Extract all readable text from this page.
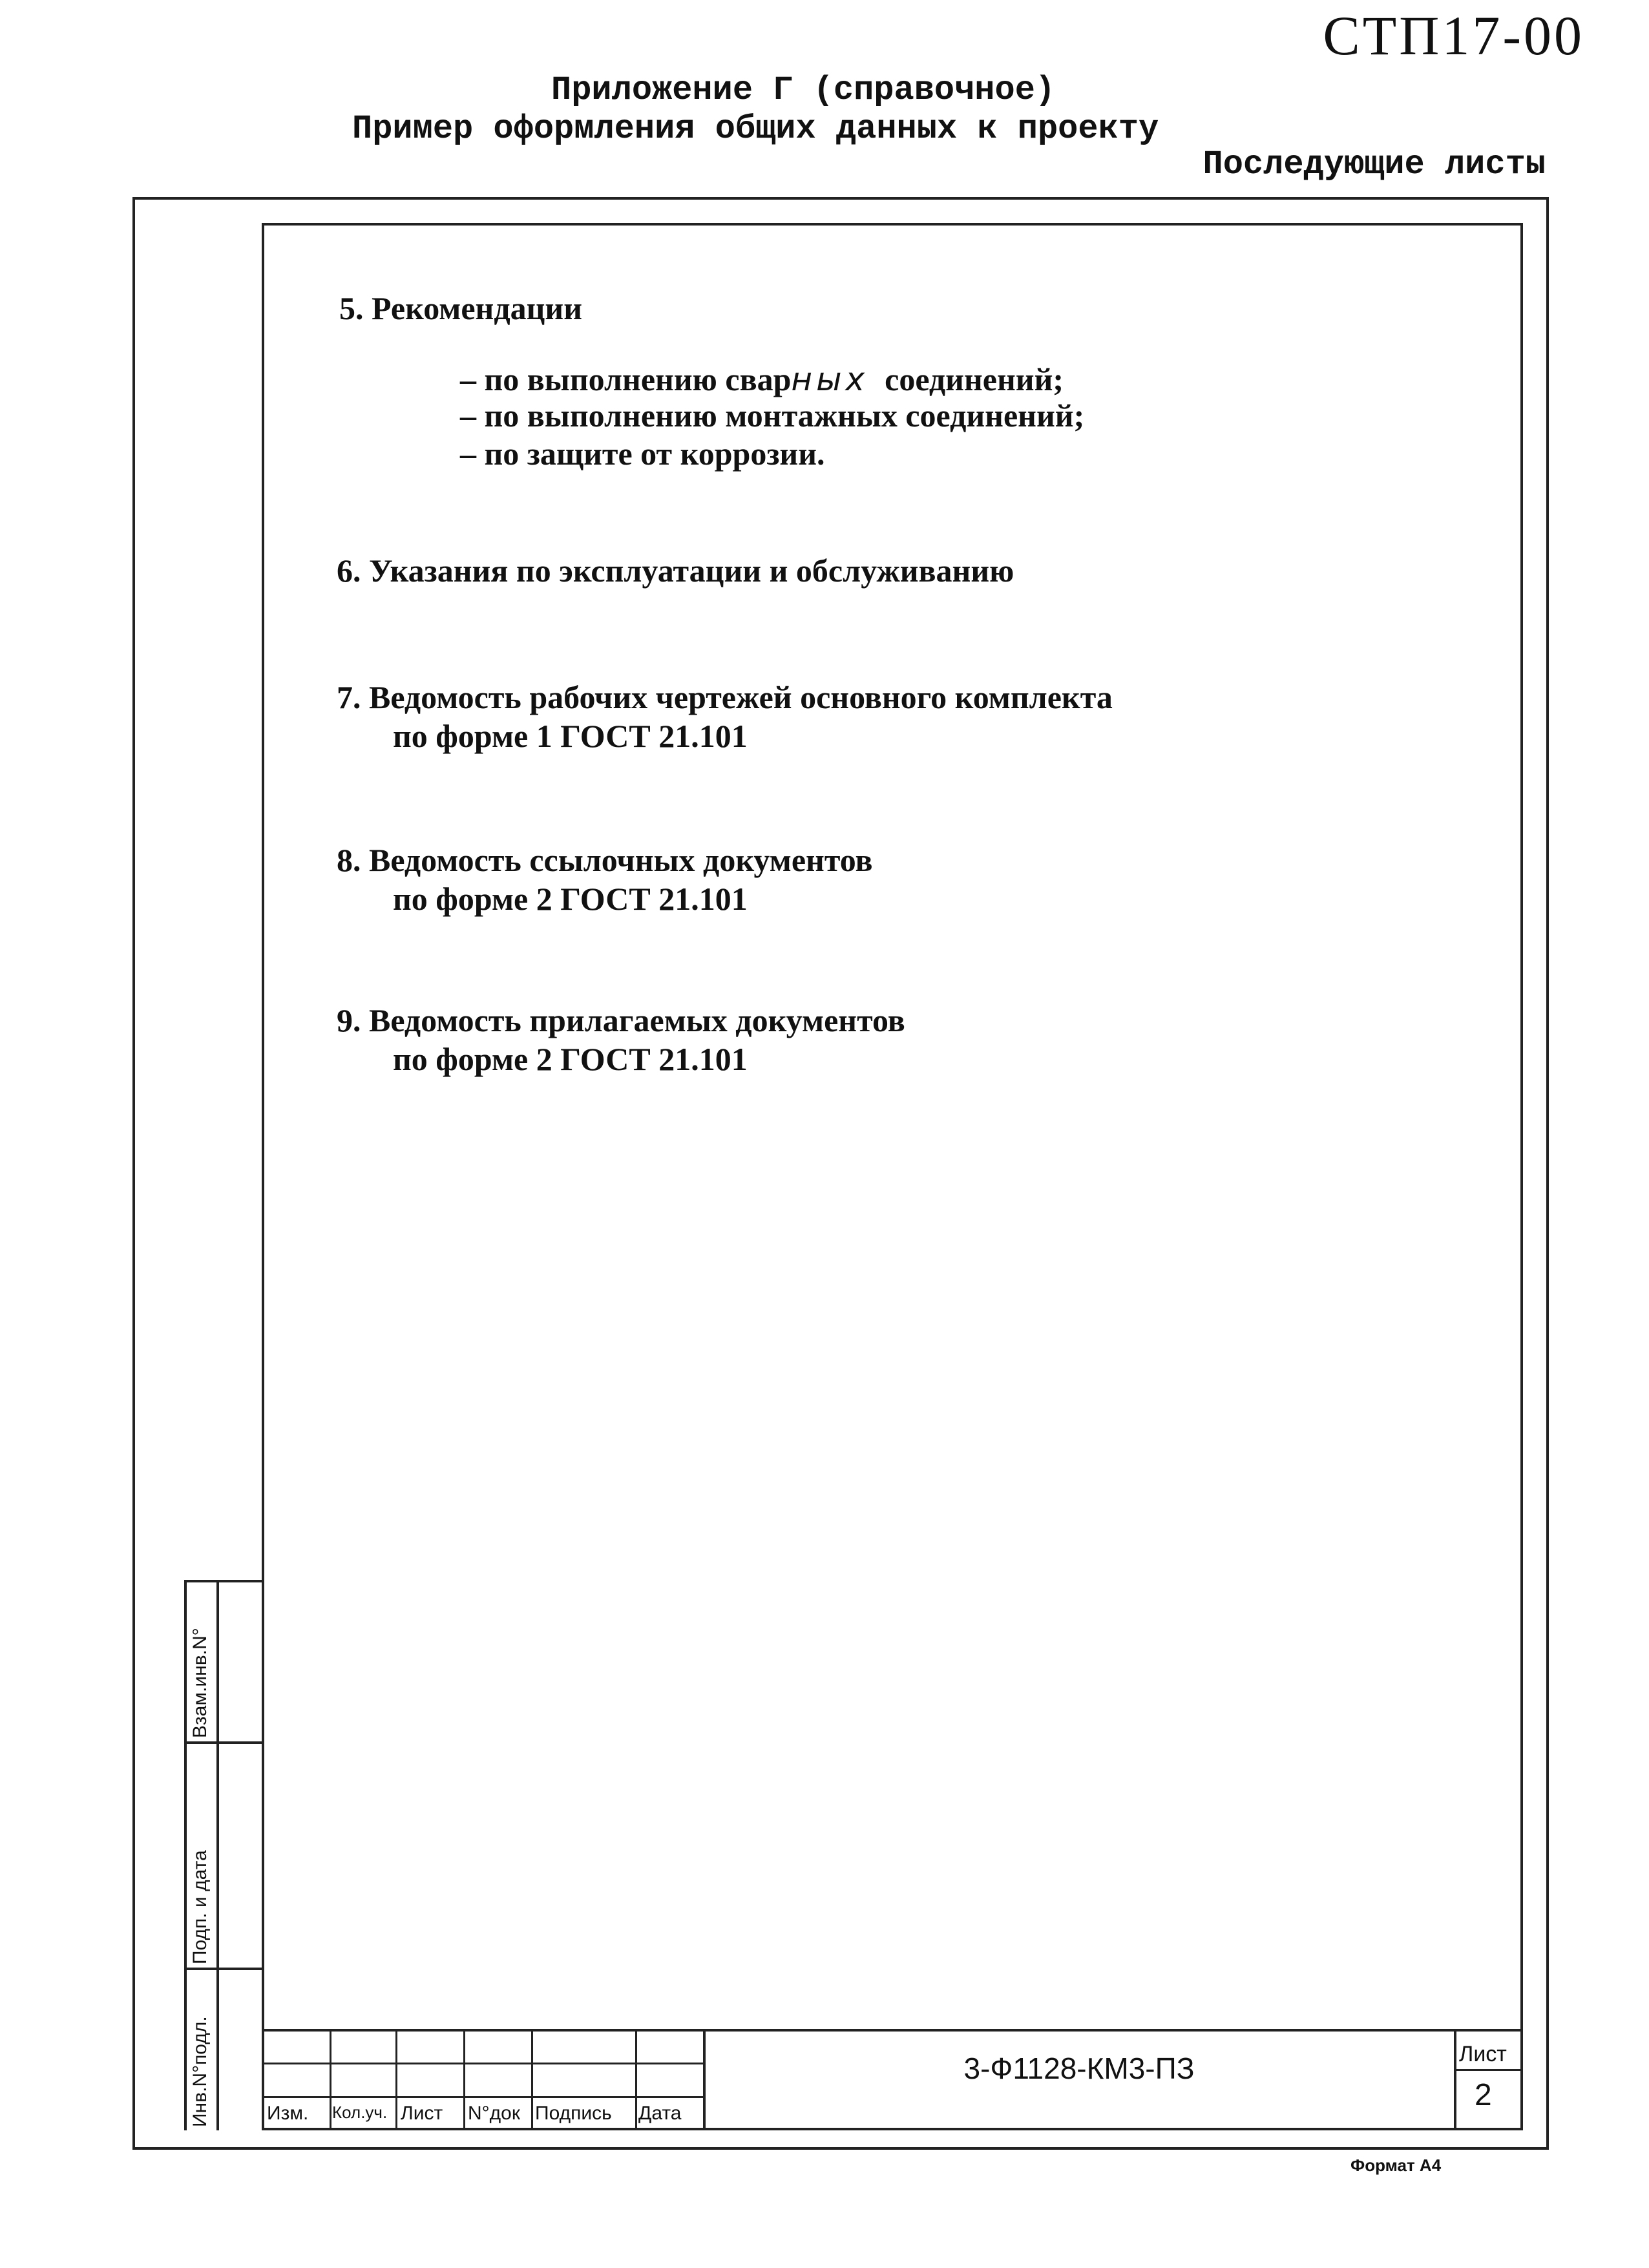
СТП17-00
Приложение Г (справочное)
Пример оформления общих данных к проекту
Последующие листы
5. Рекомендации
– по выполнению сварных  соединений;
– по выполнению монтажных соединений;
– по защите от коррозии.
6. Указания по эксплуатации и обслуживанию
7. Ведомость рабочих чертежей основного комплекта
по форме 1 ГОСТ 21.101
8. Ведомость ссылочных документов
по форме 2 ГОСТ 21.101
9. Ведомость прилагаемых документов
по форме 2 ГОСТ 21.101
Взам.инв.N°
Подп. и дата
Инв.N°подл.	Изм. Кол.уч. Лист N°док Подпись Дата
3-Ф1128-КМ3-ПЗ	Лист
2
Формат А4
